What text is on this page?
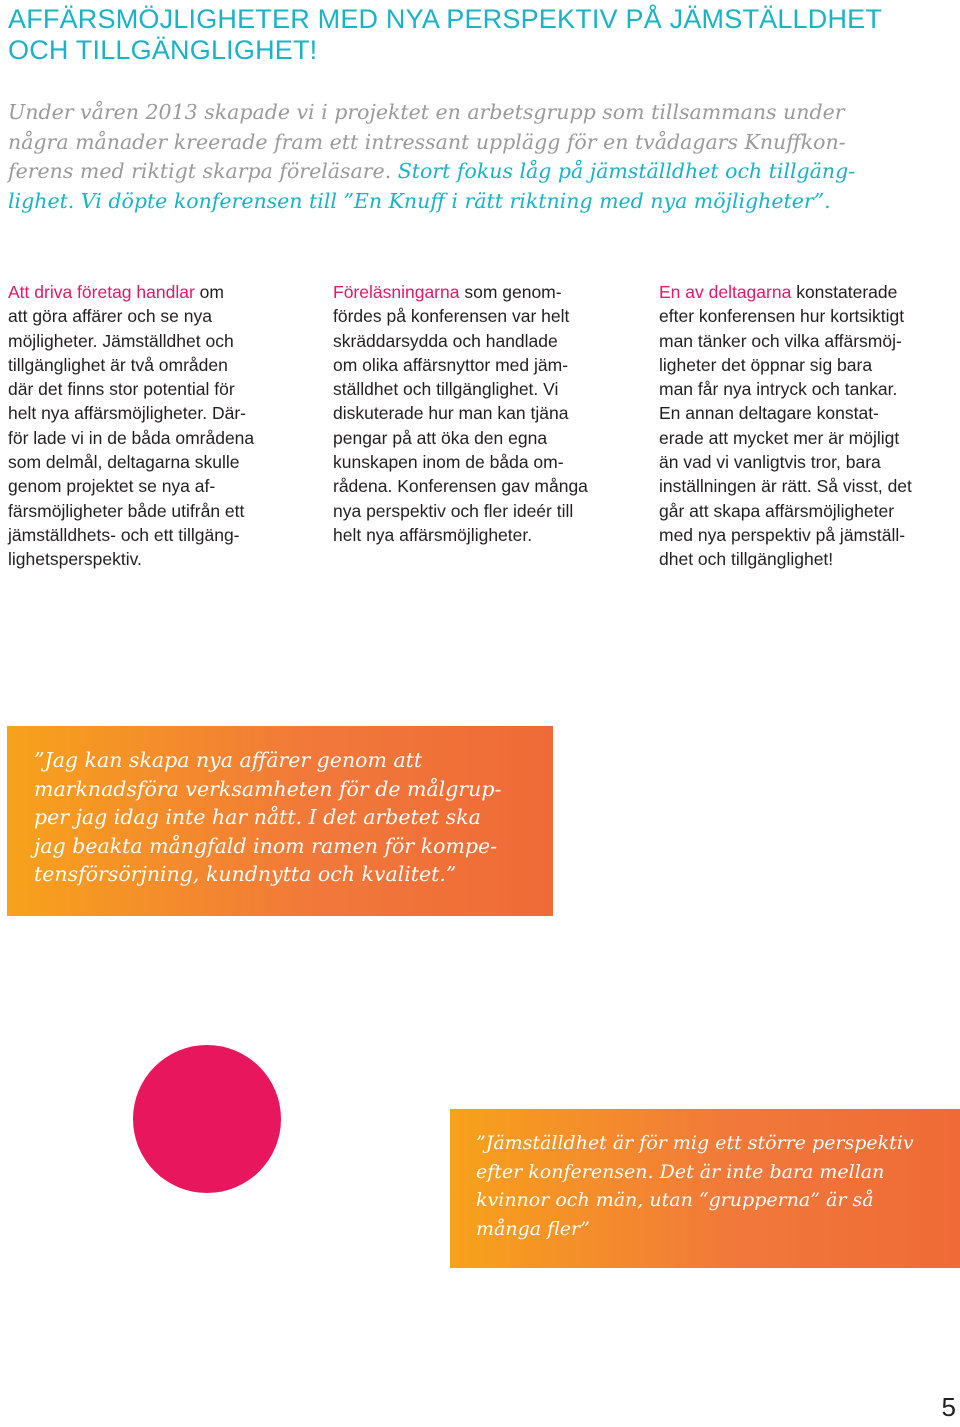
AFFÄRSMÖJLIGHETER MED NYA PERSPEKTIV PÅ JÄMSTÄLLDHET
OCH TILLGÄNGLIGHET!

Under våren 2013 skapade vi i projektet en arbetsgrupp som tillsammans under
några månader kreerade fram ett intressant upplägg för en tvådagars Knuffkon-
ferens med riktigt skarpa föreläsare. Stort fokus låg på jämställdhet och tillgäng-
lighet. Vi döpte konferensen till ”En Knuff i rätt riktning med nya möjligheter”.

Att driva företag handlar om
att göra affärer och se nya
möjligheter. Jämställdhet och
tillgänglighet är två områden
där det finns stor potential för
helt nya affärsmöjligheter. Där-
för lade vi in de båda områdena
som delmål, deltagarna skulle
genom projektet se nya af-
färsmöjligheter både utifrån ett
jämställdhets- och ett tillgäng-
lighetsperspektiv.

Föreläsningarna som genom-
fördes på konferensen var helt
skräddarsydda och handlade
om olika affärsnyttor med jäm-
ställdhet och tillgänglighet. Vi
diskuterade hur man kan tjäna
pengar på att öka den egna
kunskapen inom de båda om-
rådena. Konferensen gav många
nya perspektiv och fler ideér till
helt nya affärsmöjligheter.

En av deltagarna konstaterade
efter konferensen hur kortsiktigt
man tänker och vilka affärsmöj-
ligheter det öppnar sig bara
man får nya intryck och tankar.
En annan deltagare konstat-
erade att mycket mer är möjligt
än vad vi vanligtvis tror, bara
inställningen är rätt. Så visst, det
går att skapa affärsmöjligheter
med nya perspektiv på jämställ-
dhet och tillgänglighet!

”Jag kan skapa nya affärer genom att
marknadsföra verksamheten för de målgrup-
per jag idag inte har nått. I det arbetet ska
jag beakta mångfald inom ramen för kompe-
tensförsörjning, kundnytta och kvalitet.”

”Jämställdhet är för mig ett större perspektiv
efter konferensen. Det är inte bara mellan
kvinnor och män, utan “grupperna” är så
många fler”

5
